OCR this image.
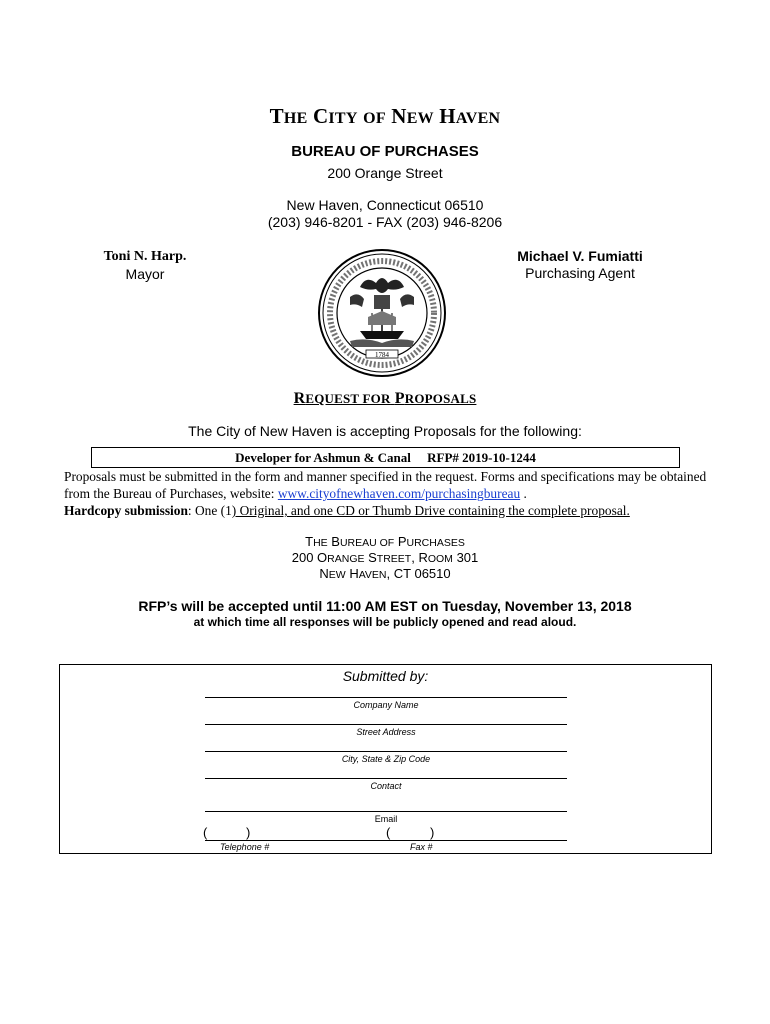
THE CITY OF NEW HAVEN
BUREAU OF PURCHASES
200 Orange Street
New Haven, Connecticut 06510
(203) 946-8201 - FAX (203) 946-8206
Toni N. Harp.
Mayor
Michael V. Fumiatti
Purchasing Agent
1784
REQUEST FOR PROPOSALS
The City of New Haven is accepting Proposals for the following:
Developer for Ashmun & Canal RFP# 2019-10-1244
Proposals must be submitted in the form and manner specified in the request. Forms and specifications may be obtained from the Bureau of Purchases, website: www.cityofnewhaven.com/purchasingbureau .
Hardcopy submission: One (1) Original, and one CD or Thumb Drive containing the complete proposal.
THE BUREAU OF PURCHASES
200 ORANGE STREET, ROOM 301
NEW HAVEN, CT 06510
RFP’s will be accepted until 11:00 AM EST on Tuesday, November 13, 2018
at which time all responses will be publicly opened and read aloud.
Submitted by:
Company Name
Street Address
City, State & Zip Code
Contact
Email
(	)	(	)
Telephone #	Fax #
